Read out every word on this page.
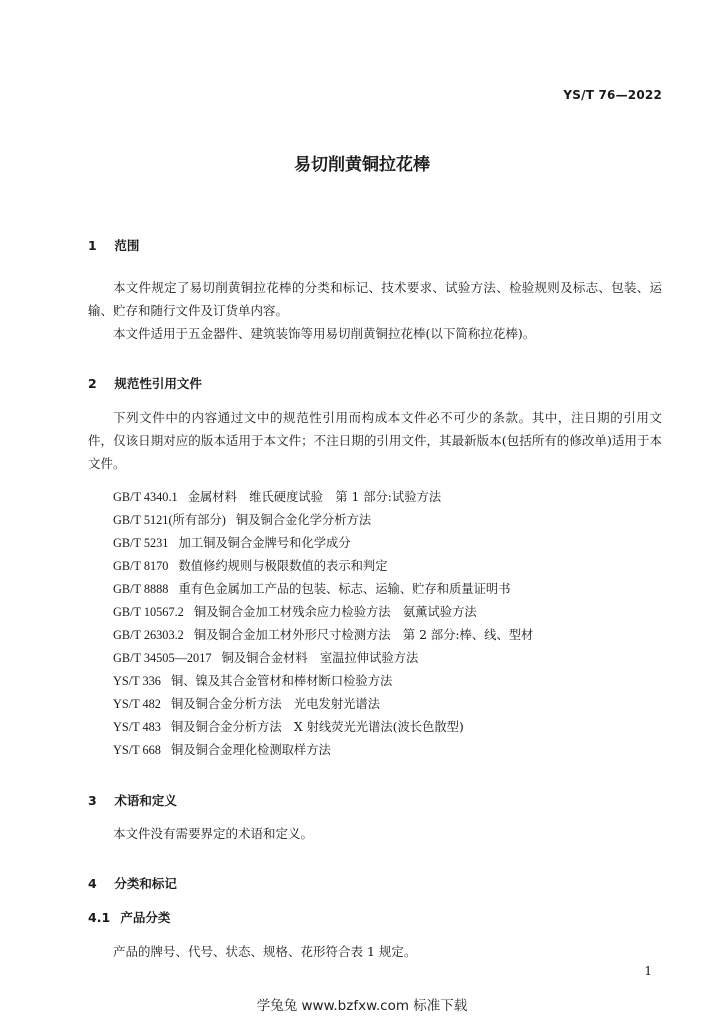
YS/T 76—2022
易切削黄铜拉花棒
1 范围
本文件规定了易切削黄铜拉花棒的分类和标记、技术要求、试验方法、检验规则及标志、包装、运输、贮存和随行文件及订货单内容。
本文件适用于五金器件、建筑装饰等用易切削黄铜拉花棒(以下简称拉花棒)。
2 规范性引用文件
下列文件中的内容通过文中的规范性引用而构成本文件必不可少的条款。其中，注日期的引用文件，仅该日期对应的版本适用于本文件；不注日期的引用文件，其最新版本(包括所有的修改单)适用于本文件。
GB/T 4340.1 金属材料　维氏硬度试验　第 1 部分:试验方法
GB/T 5121(所有部分) 铜及铜合金化学分析方法
GB/T 5231 加工铜及铜合金牌号和化学成分
GB/T 8170 数值修约规则与极限数值的表示和判定
GB/T 8888 重有色金属加工产品的包装、标志、运输、贮存和质量证明书
GB/T 10567.2 铜及铜合金加工材残余应力检验方法　氨薰试验方法
GB/T 26303.2 铜及铜合金加工材外形尺寸检测方法　第 2 部分:棒、线、型材
GB/T 34505—2017 铜及铜合金材料　室温拉伸试验方法
YS/T 336 铜、镍及其合金管材和棒材断口检验方法
YS/T 482 铜及铜合金分析方法　光电发射光谱法
YS/T 483 铜及铜合金分析方法　X 射线荧光光谱法(波长色散型)
YS/T 668 铜及铜合金理化检测取样方法
3 术语和定义
本文件没有需要界定的术语和定义。
4 分类和标记
4.1 产品分类
产品的牌号、代号、状态、规格、花形符合表 1 规定。
1
学兔兔 www.bzfxw.com 标准下载
